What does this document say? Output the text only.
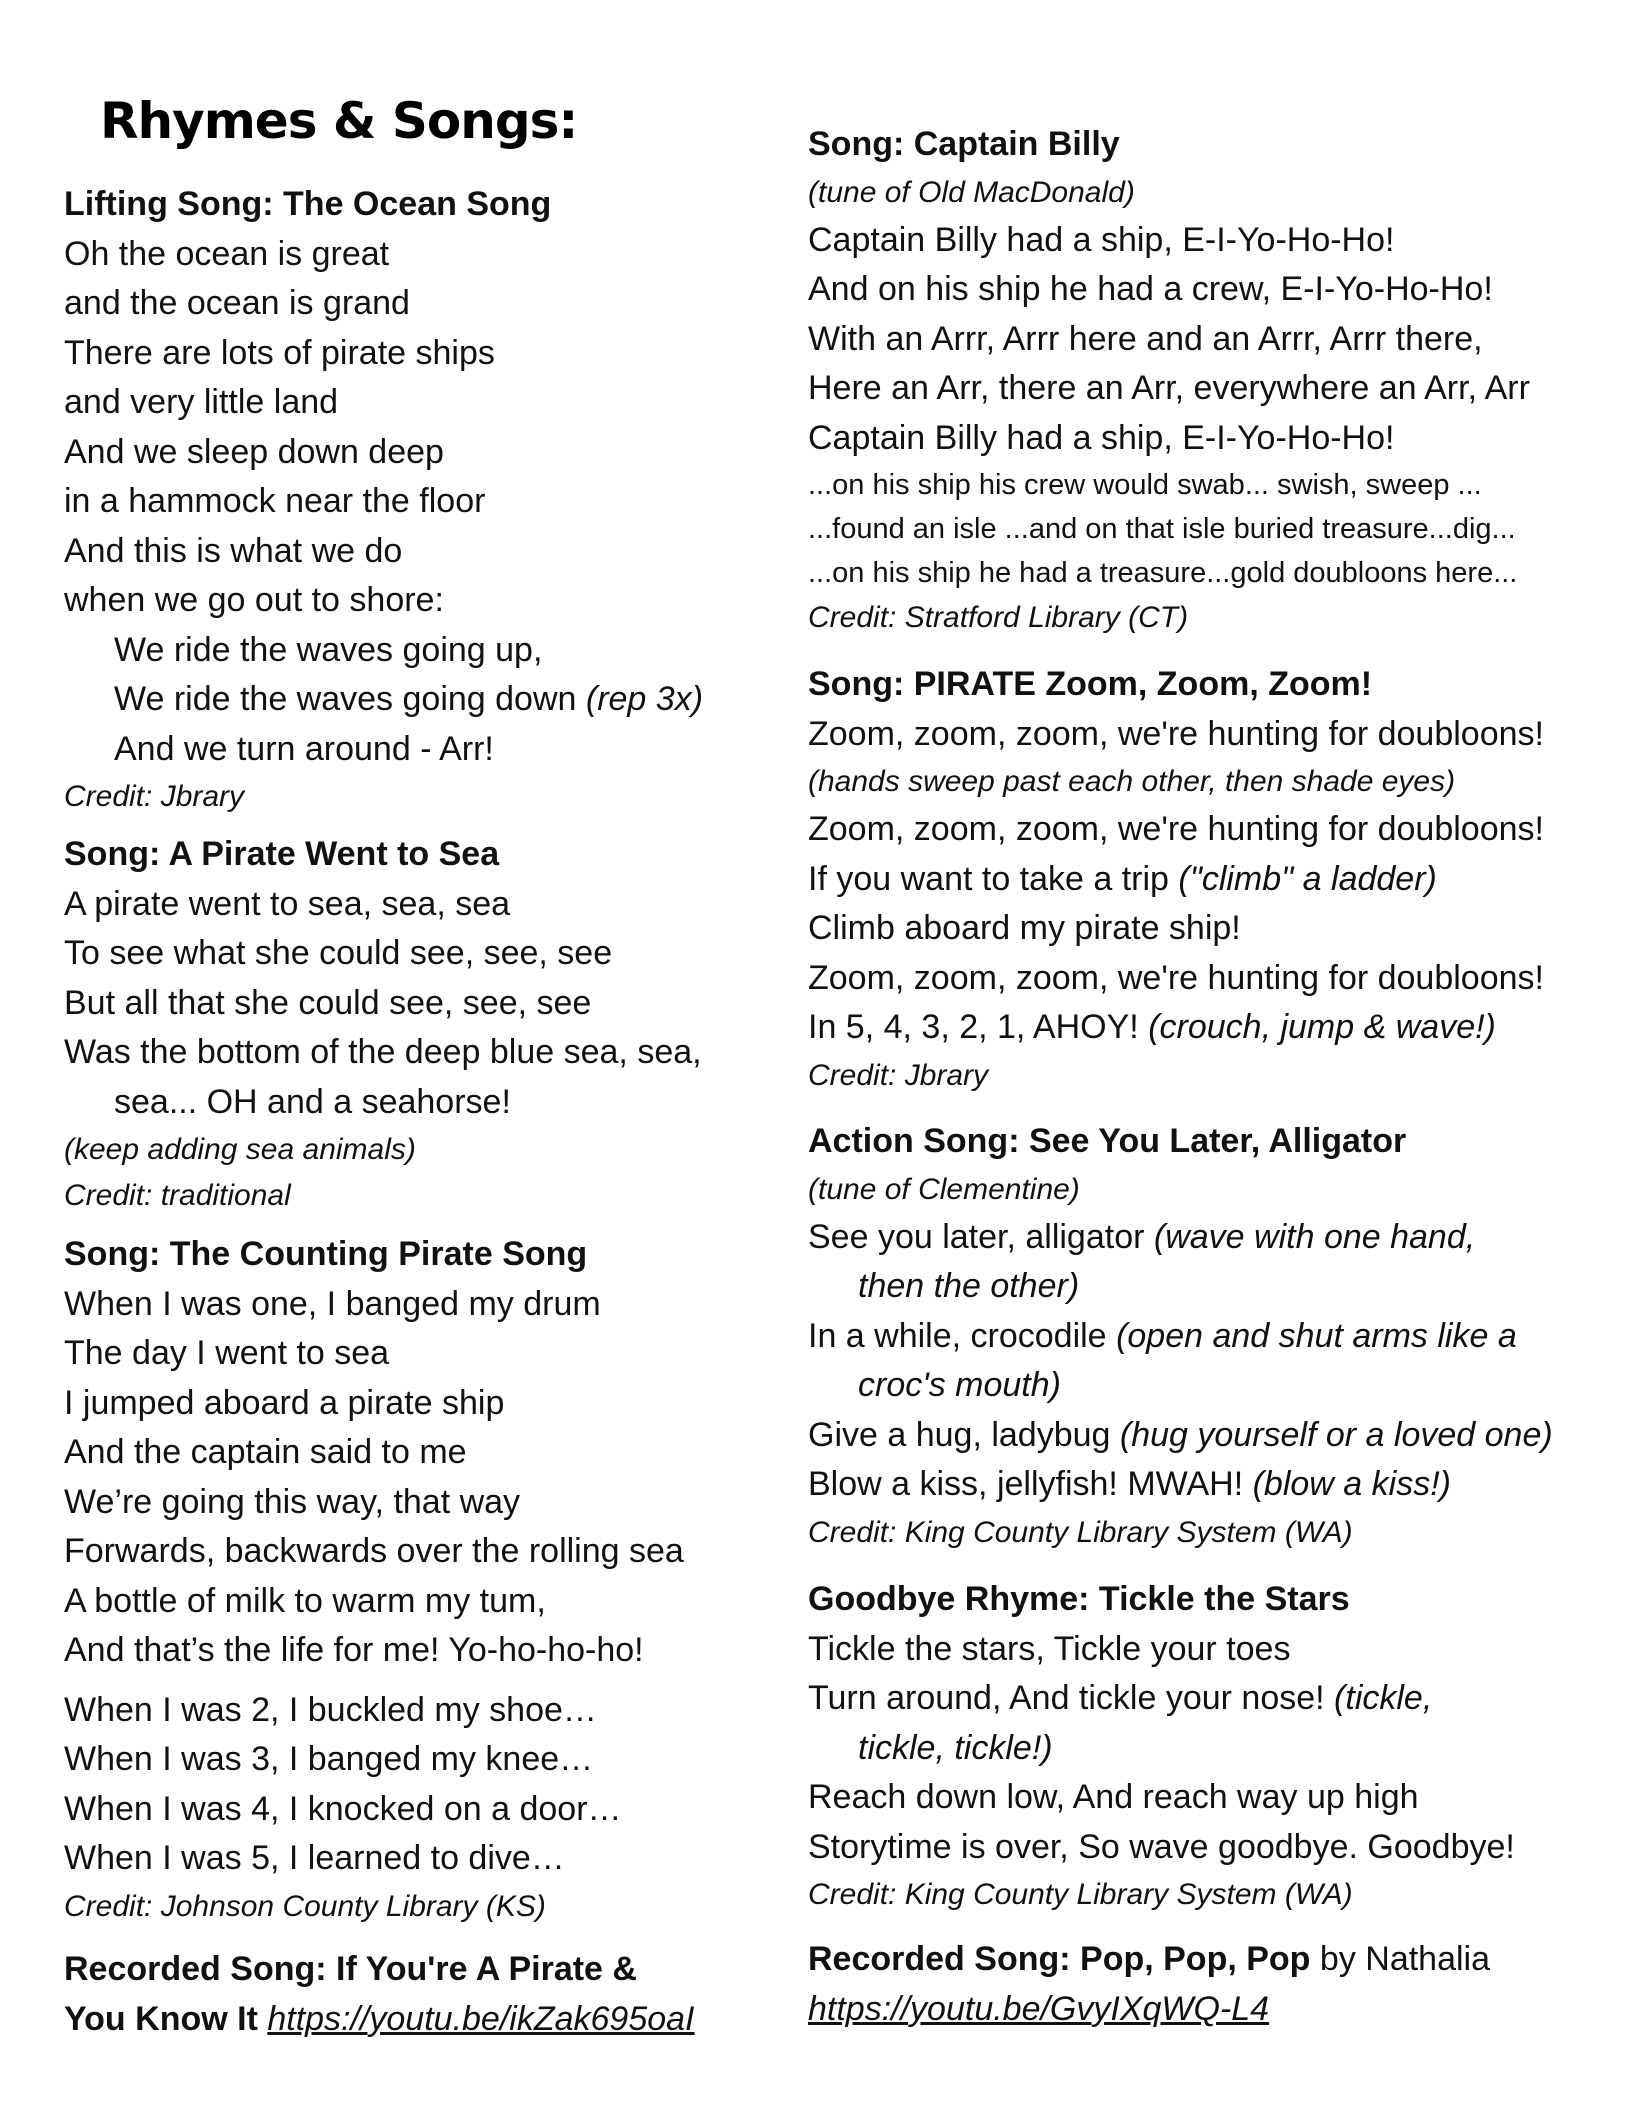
Rhymes & Songs:
Lifting Song: The Ocean Song
Oh the ocean is great
and the ocean is grand
There are lots of pirate ships
and very little land
And we sleep down deep
in a hammock near the floor
And this is what we do
when we go out to shore:
We ride the waves going up,
We ride the waves going down (rep 3x)
And we turn around - Arr!
Credit: Jbrary
Song: A Pirate Went to Sea
A pirate went to sea, sea, sea
To see what she could see, see, see
But all that she could see, see, see
Was the bottom of the deep blue sea, sea,
sea... OH and a seahorse!
(keep adding sea animals)
Credit: traditional
Song: The Counting Pirate Song
When I was one, I banged my drum
The day I went to sea
I jumped aboard a pirate ship
And the captain said to me
We’re going this way, that way
Forwards, backwards over the rolling sea
A bottle of milk to warm my tum,
And that’s the life for me! Yo-ho-ho-ho!
When I was 2, I buckled my shoe…
When I was 3, I banged my knee…
When I was 4, I knocked on a door…
When I was 5, I learned to dive…
Credit: Johnson County Library (KS)
Recorded Song: If You're A Pirate &
You Know It https://youtu.be/ikZak695oaI
Song: Captain Billy
(tune of Old MacDonald)
Captain Billy had a ship, E-I-Yo-Ho-Ho!
And on his ship he had a crew, E-I-Yo-Ho-Ho!
With an Arrr, Arrr here and an Arrr, Arrr there,
Here an Arr, there an Arr, everywhere an Arr, Arr
Captain Billy had a ship, E-I-Yo-Ho-Ho!
...on his ship his crew would swab... swish, sweep ...
...found an isle ...and on that isle buried treasure...dig...
...on his ship he had a treasure...gold doubloons here...
Credit: Stratford Library (CT)
Song: PIRATE Zoom, Zoom, Zoom!
Zoom, zoom, zoom, we're hunting for doubloons!
(hands sweep past each other, then shade eyes)
Zoom, zoom, zoom, we're hunting for doubloons!
If you want to take a trip ("climb" a ladder)
Climb aboard my pirate ship!
Zoom, zoom, zoom, we're hunting for doubloons!
In 5, 4, 3, 2, 1, AHOY! (crouch, jump & wave!)
Credit: Jbrary
Action Song: See You Later, Alligator
(tune of Clementine)
See you later, alligator (wave with one hand,
then the other)
In a while, crocodile (open and shut arms like a
croc's mouth)
Give a hug, ladybug (hug yourself or a loved one)
Blow a kiss, jellyfish! MWAH! (blow a kiss!)
Credit: King County Library System (WA)
Goodbye Rhyme: Tickle the Stars
Tickle the stars, Tickle your toes
Turn around, And tickle your nose! (tickle,
tickle, tickle!)
Reach down low, And reach way up high
Storytime is over, So wave goodbye. Goodbye!
Credit: King County Library System (WA)
Recorded Song: Pop, Pop, Pop by Nathalia
https://youtu.be/GvyIXqWQ-L4
